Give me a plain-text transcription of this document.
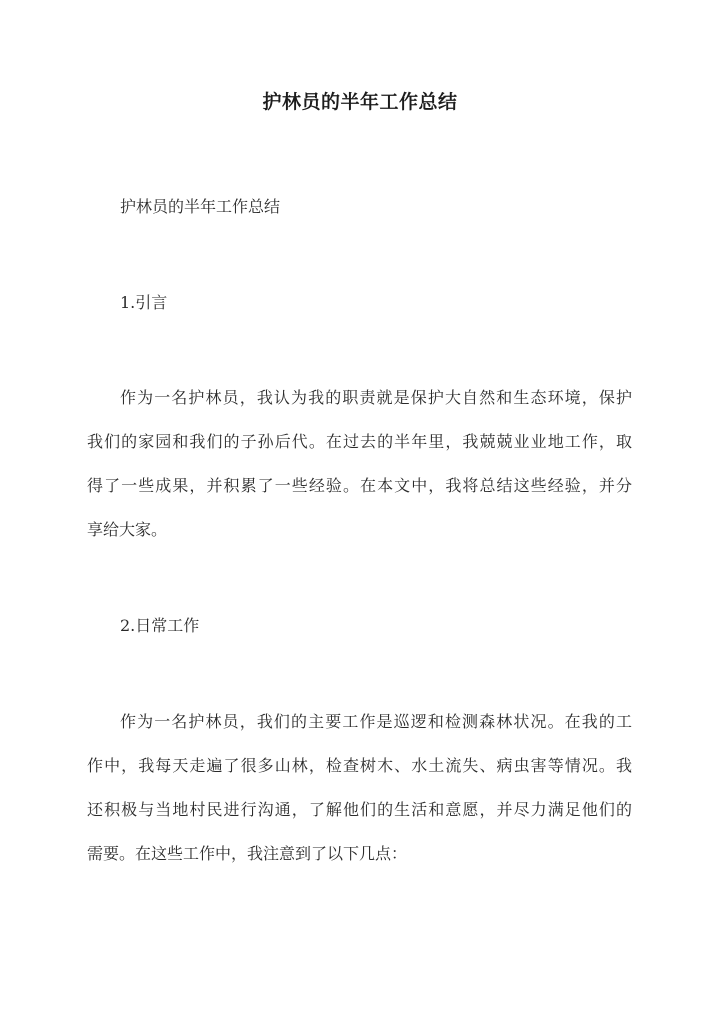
护林员的半年工作总结
护林员的半年工作总结
1.引言
作为一名护林员，我认为我的职责就是保护大自然和生态环境，保护
我们的家园和我们的子孙后代。在过去的半年里，我兢兢业业地工作，取
得了一些成果，并积累了一些经验。在本文中，我将总结这些经验，并分
享给大家。
2.日常工作
作为一名护林员，我们的主要工作是巡逻和检测森林状况。在我的工
作中，我每天走遍了很多山林，检查树木、水土流失、病虫害等情况。我
还积极与当地村民进行沟通，了解他们的生活和意愿，并尽力满足他们的
需要。在这些工作中，我注意到了以下几点：
